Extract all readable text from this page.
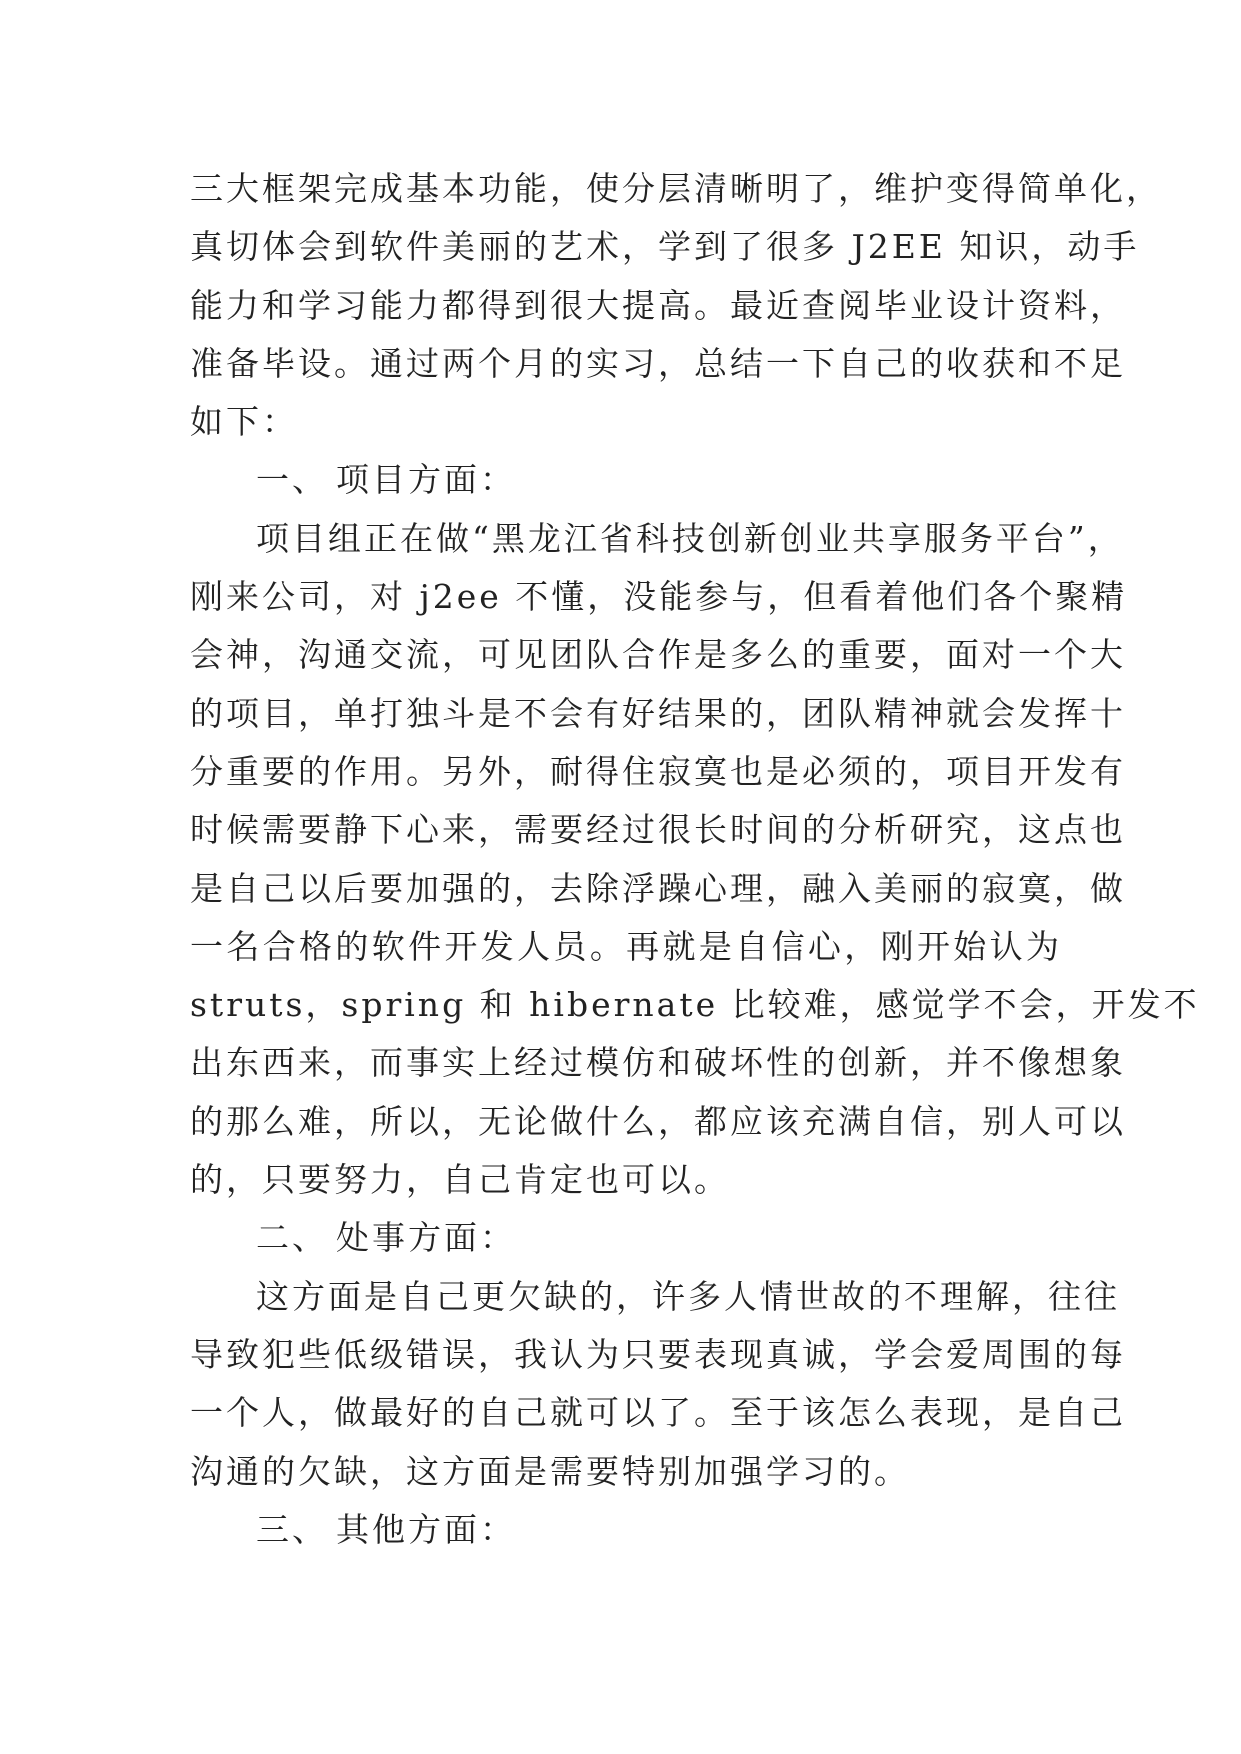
三大框架完成基本功能，使分层清晰明了，维护变得简单化，
真切体会到软件美丽的艺术，学到了很多 J2EE 知识，动手
能力和学习能力都得到很大提高。最近查阅毕业设计资料，
准备毕设。通过两个月的实习，总结一下自己的收获和不足
如下：
一、 项目方面：
项目组正在做“黑龙江省科技创新创业共享服务平台”，
刚来公司，对 j2ee 不懂，没能参与，但看着他们各个聚精
会神，沟通交流，可见团队合作是多么的重要，面对一个大
的项目，单打独斗是不会有好结果的，团队精神就会发挥十
分重要的作用。另外，耐得住寂寞也是必须的，项目开发有
时候需要静下心来，需要经过很长时间的分析研究，这点也
是自己以后要加强的，去除浮躁心理，融入美丽的寂寞，做
一名合格的软件开发人员。再就是自信心，刚开始认为
struts，spring 和 hibernate 比较难，感觉学不会，开发不
出东西来，而事实上经过模仿和破坏性的创新，并不像想象
的那么难，所以，无论做什么，都应该充满自信，别人可以
的，只要努力，自己肯定也可以。
二、 处事方面：
这方面是自己更欠缺的，许多人情世故的不理解，往往
导致犯些低级错误，我认为只要表现真诚，学会爱周围的每
一个人，做最好的自己就可以了。至于该怎么表现，是自己
沟通的欠缺，这方面是需要特别加强学习的。
三、 其他方面：
